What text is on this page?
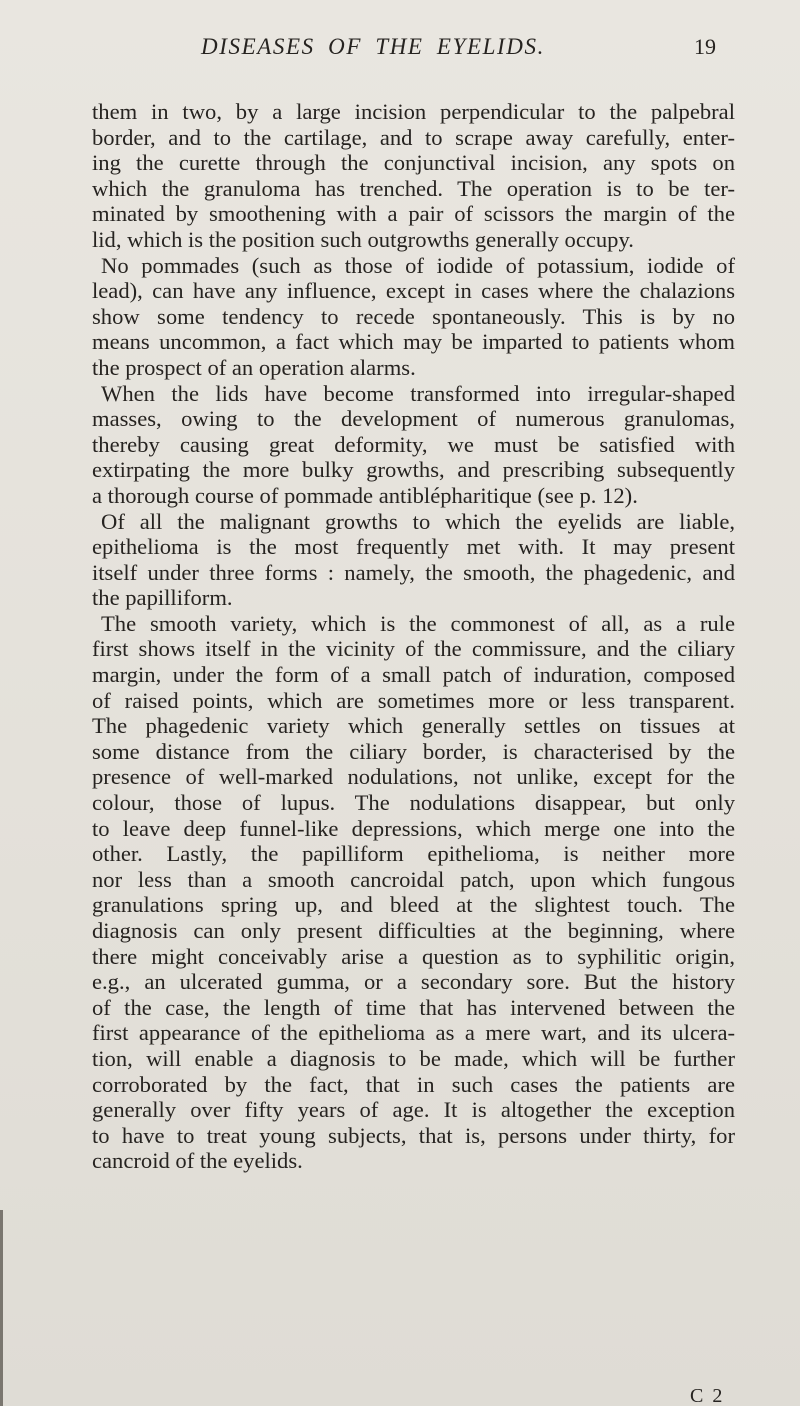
DISEASES OF THE EYELIDS.	19
them in two, by a large incision perpendicular to the palpebral
border, and to the cartilage, and to scrape away carefully, enter-
ing the curette through the conjunctival incision, any spots on
which the granuloma has trenched. The operation is to be ter-
minated by smoothening with a pair of scissors the margin of the
lid, which is the position such outgrowths generally occupy.
No pommades (such as those of iodide of potassium, iodide of
lead), can have any influence, except in cases where the chalazions
show some tendency to recede spontaneously. This is by no
means uncommon, a fact which may be imparted to patients whom
the prospect of an operation alarms.
When the lids have become transformed into irregular-shaped
masses, owing to the development of numerous granulomas,
thereby causing great deformity, we must be satisfied with
extirpating the more bulky growths, and prescribing subsequently
a thorough course of pommade antiblépharitique (see p. 12).
Of all the malignant growths to which the eyelids are liable,
epithelioma is the most frequently met with. It may present
itself under three forms : namely, the smooth, the phagedenic, and
the papilliform.
The smooth variety, which is the commonest of all, as a rule
first shows itself in the vicinity of the commissure, and the ciliary
margin, under the form of a small patch of induration, composed
of raised points, which are sometimes more or less transparent.
The phagedenic variety which generally settles on tissues at
some distance from the ciliary border, is characterised by the
presence of well-marked nodulations, not unlike, except for the
colour, those of lupus. The nodulations disappear, but only
to leave deep funnel-like depressions, which merge one into the
other. Lastly, the papilliform epithelioma, is neither more
nor less than a smooth cancroidal patch, upon which fungous
granulations spring up, and bleed at the slightest touch. The
diagnosis can only present difficulties at the beginning, where
there might conceivably arise a question as to syphilitic origin,
e.g., an ulcerated gumma, or a secondary sore. But the history
of the case, the length of time that has intervened between the
first appearance of the epithelioma as a mere wart, and its ulcera-
tion, will enable a diagnosis to be made, which will be further
corroborated by the fact, that in such cases the patients are
generally over fifty years of age. It is altogether the exception
to have to treat young subjects, that is, persons under thirty, for
cancroid of the eyelids.
C 2
